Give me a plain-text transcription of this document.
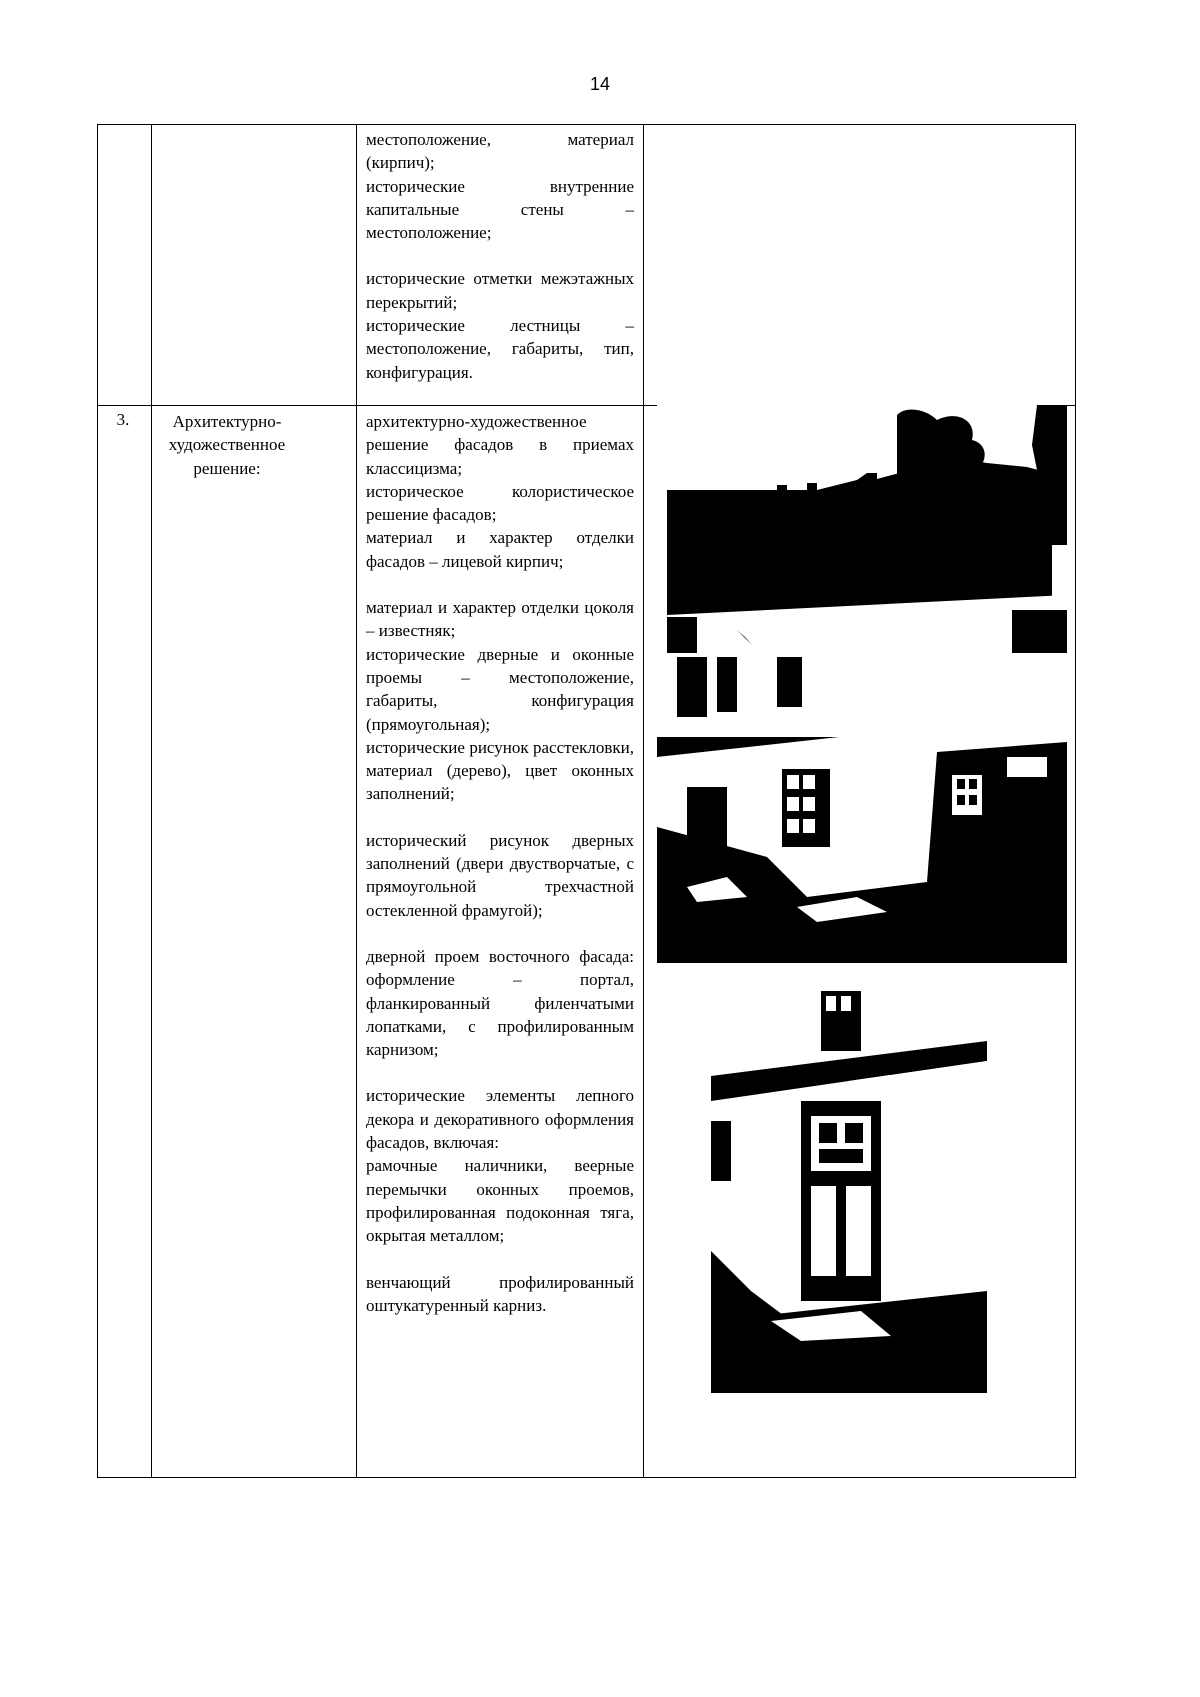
14

местоположение, материал (кирпич);

исторические внутренние капитальные стены – местоположение;

исторические отметки межэтажных перекрытий;

исторические лестницы – местоположение, габариты, тип, конфигурация.

3.	Архитектурно-художественное решение:

архитектурно-художественное решение фасадов в приемах классицизма;

историческое колористическое решение фасадов;

материал и характер отделки фасадов – лицевой кирпич;

материал и характер отделки цоколя – известняк;

исторические дверные и оконные проемы – местоположение, габариты, конфигурация (прямоугольная);

исторические рисунок расстекловки, материал (дерево), цвет оконных заполнений;

исторический рисунок дверных заполнений (двери двустворчатые, с прямоугольной трехчастной остекленной фрамугой);

дверной проем восточного фасада: оформление – портал, фланкированный филенчатыми лопатками, с профилированным карнизом;

исторические элементы лепного декора и декоративного оформления фасадов, включая:

рамочные наличники, веерные перемычки оконных проемов, профилированная подоконная тяга, окрытая металлом;

венчающий профилированный оштукатуренный карниз.
